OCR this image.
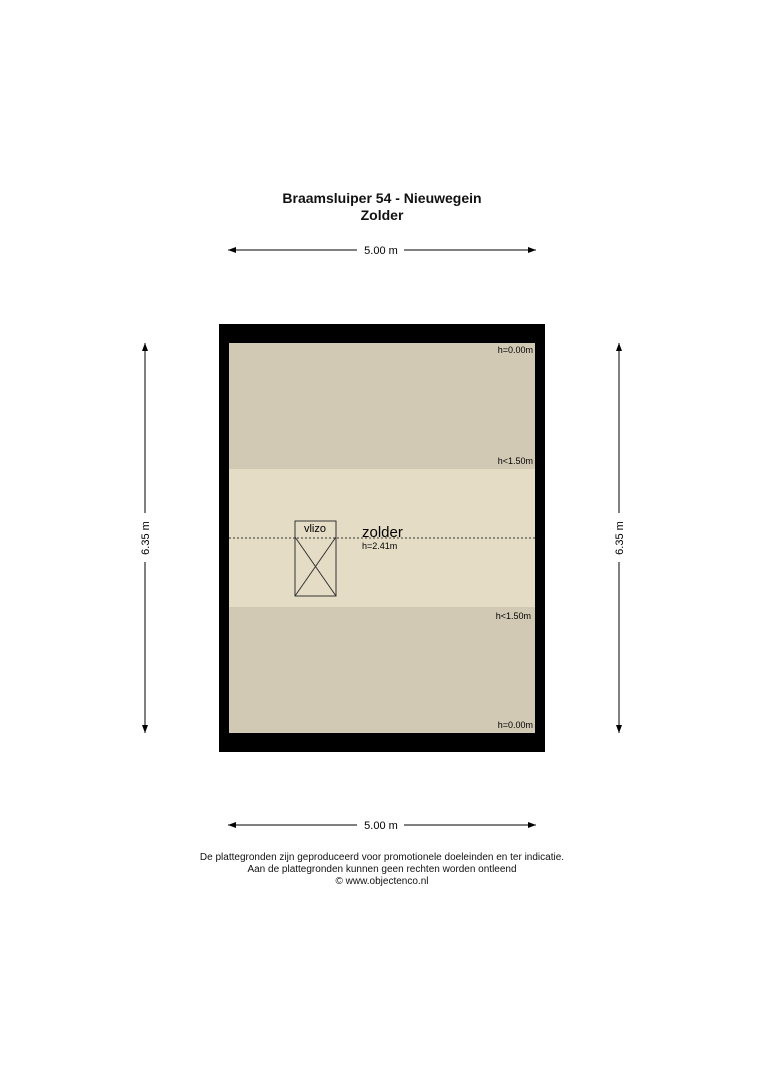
Braamsluiper 54 - Nieuwegein
Zolder
5.00 m
5.00 m
6.35 m	6.35 m
vlizo zolder
h=2.41m
h=0.00m
h<1.50m
h<1.50m
h=0.00m
De plattegronden zijn geproduceerd voor promotionele doeleinden en ter indicatie.
Aan de plattegronden kunnen geen rechten worden ontleend
© www.objectenco.nl
